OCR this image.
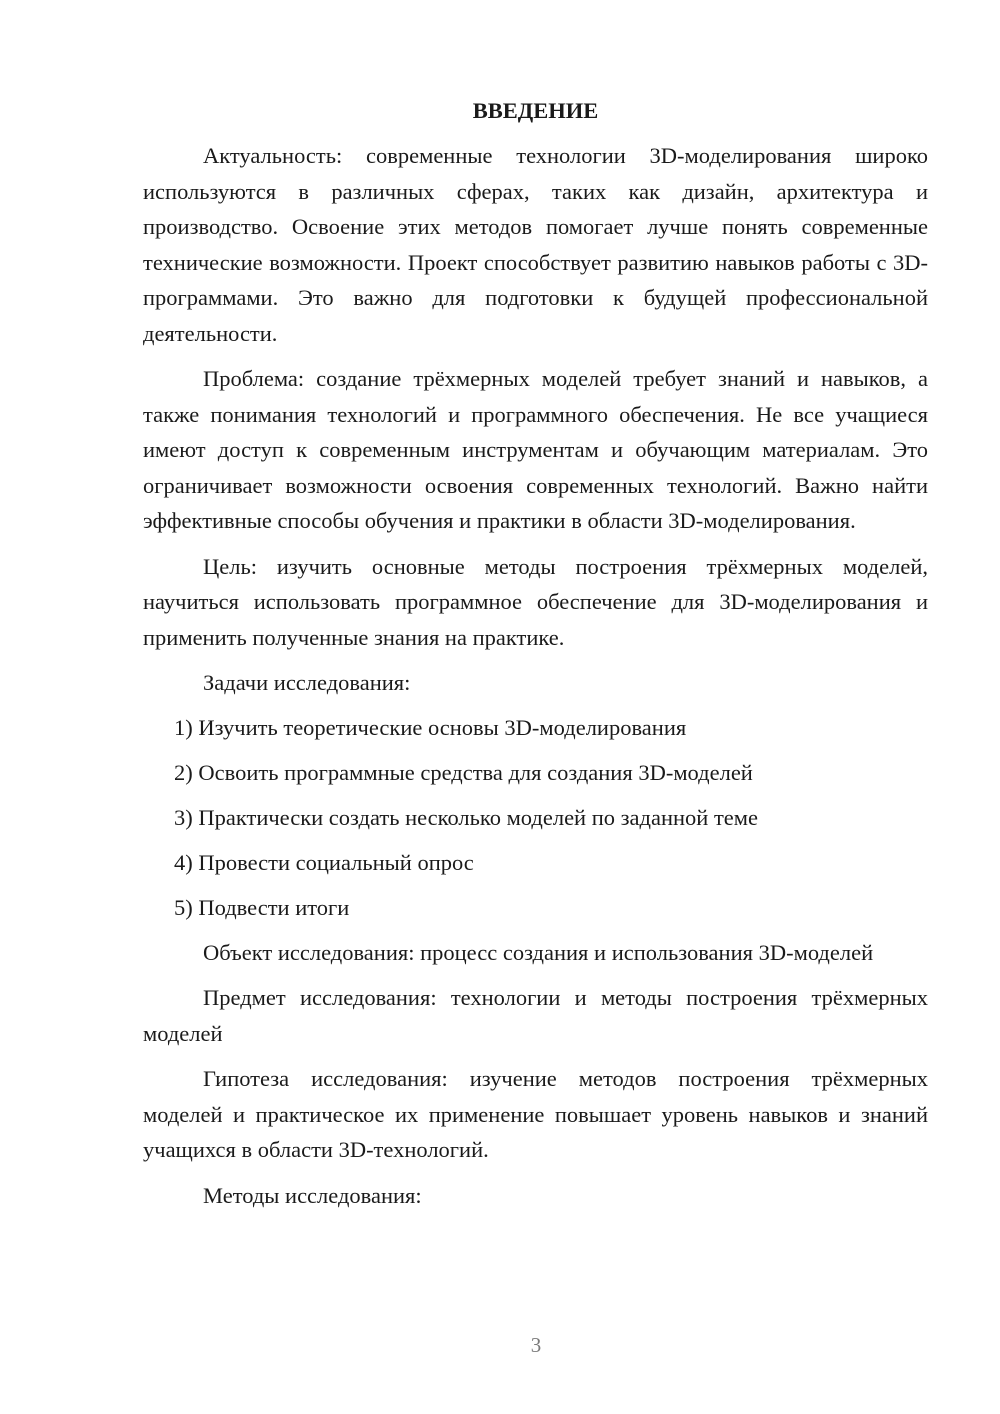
ВВЕДЕНИЕ

Актуальность: современные технологии 3D-моделирования широко используются в различных сферах, таких как дизайн, архитектура и производство. Освоение этих методов помогает лучше понять современные технические возможности. Проект способствует развитию навыков работы с 3D-программами. Это важно для подготовки к будущей профессиональной деятельности.

Проблема: создание трёхмерных моделей требует знаний и навыков, а также понимания технологий и программного обеспечения. Не все учащиеся имеют доступ к современным инструментам и обучающим материалам. Это ограничивает возможности освоения современных технологий. Важно найти эффективные способы обучения и практики в области 3D-моделирования.

Цель: изучить основные методы построения трёхмерных моделей, научиться использовать программное обеспечение для 3D-моделирования и применить полученные знания на практике.

Задачи исследования:
1) Изучить теоретические основы 3D-моделирования
2) Освоить программные средства для создания 3D-моделей
3) Практически создать несколько моделей по заданной теме
4) Провести социальный опрос
5) Подвести итоги

Объект исследования: процесс создания и использования 3D-моделей

Предмет исследования: технологии и методы построения трёхмерных моделей

Гипотеза исследования: изучение методов построения трёхмерных моделей и практическое их применение повышает уровень навыков и знаний учащихся в области 3D-технологий.

Методы исследования:

3
